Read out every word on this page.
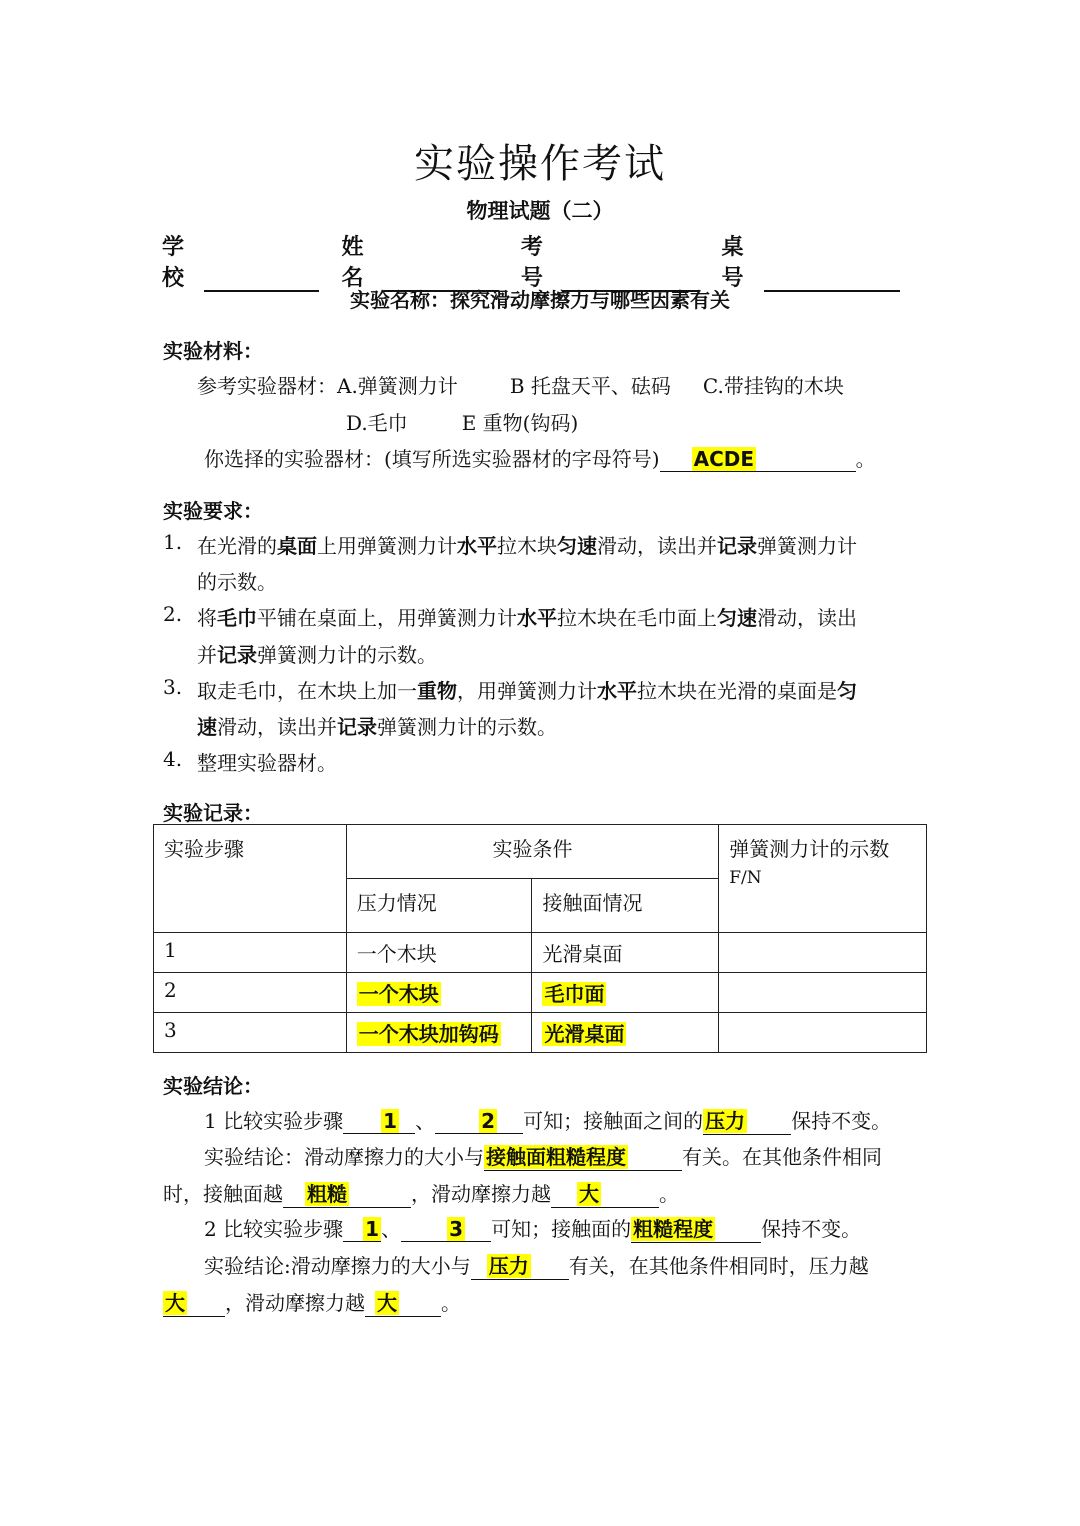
实验操作考试
物理试题（二）
学校
姓名
考号
桌号
实验名称：探究滑动摩擦力与哪些因素有关
实验材料：
参考实验器材：A.弹簧测力计	B 托盘天平、砝码 C.带挂钩的木块
D.毛巾	E 重物(钩码)
你选择的实验器材：(填写所选实验器材的字母符号) ACDE	。
实验要求：
1. 在光滑的桌面上用弹簧测力计水平拉木块匀速滑动，读出并记录弹簧测力计
的示数。
2. 将毛巾平铺在桌面上，用弹簧测力计水平拉木块在毛巾面上匀速滑动，读出
并记录弹簧测力计的示数。
3. 取走毛巾，在木块上加一重物，用弹簧测力计水平拉木块在光滑的桌面是匀
速滑动，读出并记录弹簧测力计的示数。
4. 整理实验器材。
实验记录：
实验步骤	实验条件		弹簧测力计的示数
F/N

	压力情况	接触面情况	
1	一个木块	光滑桌面	
2	一个木块	毛巾面	
3	一个木块加钩码	光滑桌面	
实验结论：
1 比较实验步骤 1 、 2 可知；接触面之间的 压力 保持不变。
实验结论：滑动摩擦力的大小与 接触面粗糙程度	有关。在其他条件相同
时，接触面越 粗糙	，滑动摩擦力越 大	。
2 比较实验步骤 1 、 3 可知；接触面的 粗糙程度 保持不变。
实验结论:滑动摩擦力的大小与 压力 有关，在其他条件相同时，压力越
大 ，滑动摩擦力越 大 。
